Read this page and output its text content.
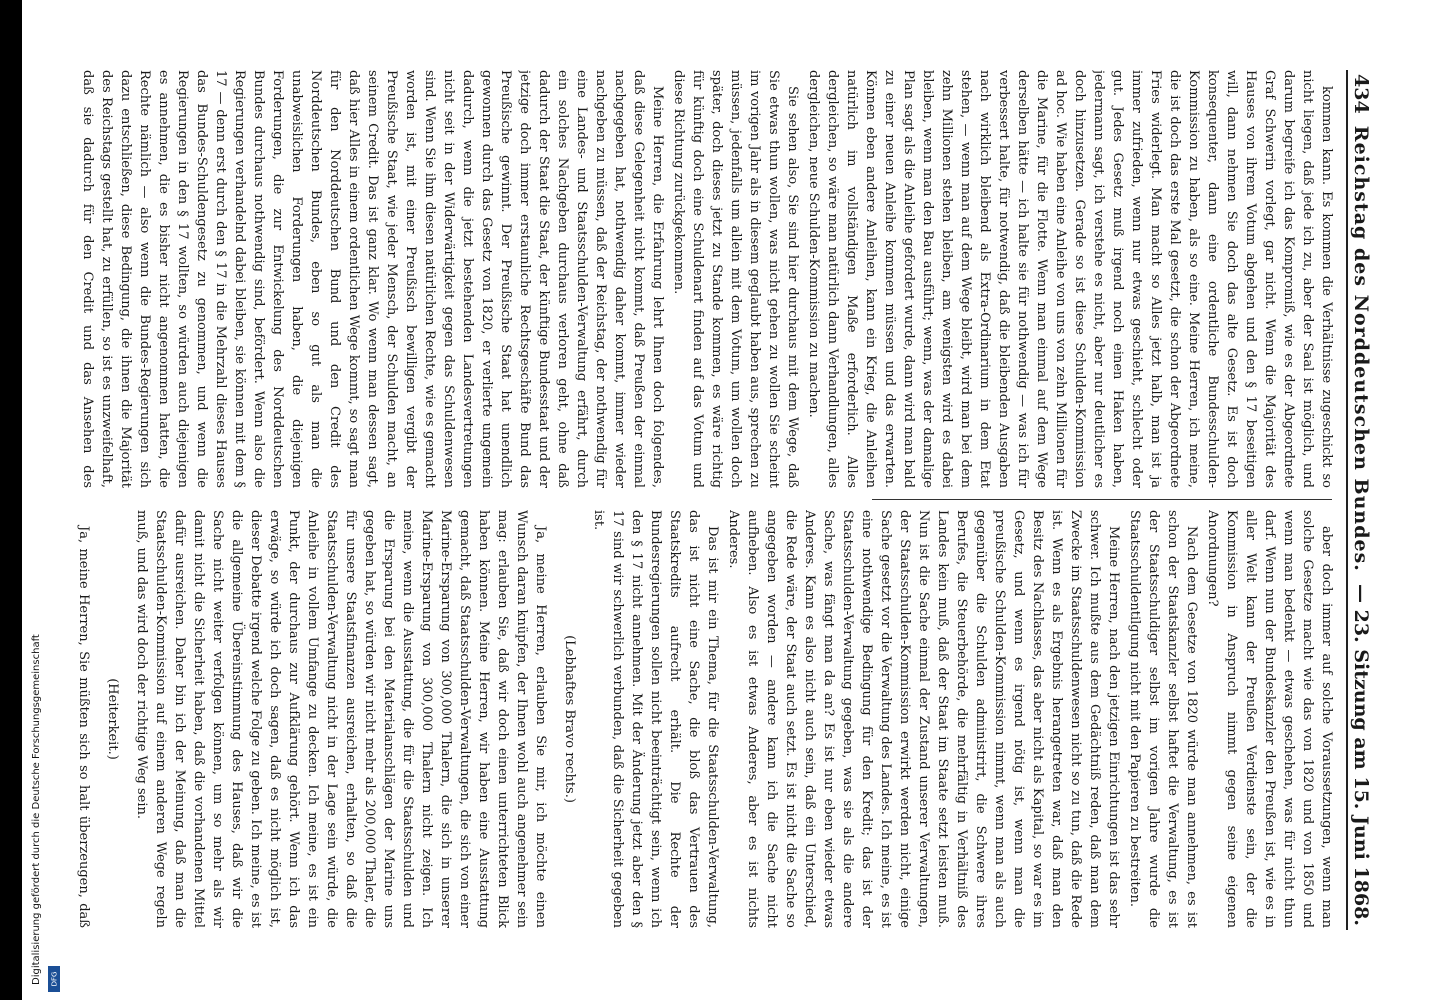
Digitalisierung gefördert durch die Deutsche Forschungsgemeinschaft DFG
434
Reichstag des Norddeutschen Bundes.
— 23. Sitzung am 15. Juni 1868.

kommen kann. Es kommen die Verhältnisse zugeschickt so nicht liegen, daß jede ich zu, aber der Saal ist möglich, und darum begreife ich das Kompromiß, wie es der Abgeordnete Graf Schwerin vorlegt, gar nicht. Wenn die Majorität des Hauses von ihrem Votum abgehen und den § 17 beseitigen will, dann nehmen Sie doch das alte Gesetz. Es ist doch konsequenter, dann eine ordentliche Bundesschulden-Kommission zu haben, als so eine. Meine Herren, ich meine, die ist doch das erste Mal gesetzt, die schon der Abgeordnete Fries widerlegt. Man macht so Alles jetzt halb, man ist ja immer zufrieden, wenn nur etwas geschieht, schlecht oder gut. Jedes Gesetz muß irgend noch einen Haken haben, jedermann sagt, ich verstehe es nicht, aber nur deutlicher es doch hinzusetzen. Gerade so ist diese Schulden-Kommission ad hoc. Wie haben eine Anleihe von uns von zehn Millionen für die Marine, für die Flotte. Wenn man einmal auf dem Wege derselben hätte — ich halte sie für nothwendig — was ich für verbessert halte, für notwendig, daß die bleibenden Ausgaben nach wirklich bleibend als Extra-Ordinarium in dem Etat stehen, — wenn man auf dem Wege bleibt, wird man bei dem zehn Millionen stehen bleiben, am wenigsten wird es dabei bleiben, wenn man den Bau ausführt; wenn, was der damalige Plan sagt als die Anleihe gefordert wurde, dann wird man bald zu einer neuen Anleihe kommen müssen und das erwarten. Können eben andere Anleihen, kann ein Krieg, die Anleihen natürlich im vollständigen Maße erforderlich. Alles dergleichen, so wäre man natürlich dann Verhandlungen, alles dergleichen, neue Schulden-Kommission zu machen.

Sie sehen also, Sie sind hier durchaus mit dem Wege, daß Sie etwas thun wollen, was nicht gehen zu wollen Sie scheint im vorigen Jahr als in diesem geglaubt haben aus, sprechen zu müssen, jedenfalls um allein mit dem Votum, um wollen doch später, doch dieses jetzt zu Stande kommen, es wäre richtig für künftig doch eine Schuldenart finden auf das Votum und diese Richtung zurückgekommen.

Meine Herren, die Erfahrung lehrt Ihnen doch folgendes, daß diese Gelegenheit nicht kommt, daß Preußen der einmal nachgegeben hat, nothwendig daher kommt, immer wieder nachgeben zu müssen, daß der Reichstag, der nothwendig für eine Landes- und Staatsschulden-Verwaltung erfährt, durch ein solches Nachgeben durchaus verloren geht, ohne daß dadurch der Staat die Staat, der künftige Bundesstaat und der jetzige doch immer erstaunliche Rechtsgeschäfte Bund das Preußische gewinnt. Der Preußische Staat hat unendlich gewonnen durch das Gesetz von 1820, er verlierte ungemein dadurch, wenn die jetzt bestehenden Landesvertretungen nicht seit in der Widerwärtigkeit gegen das Schuldenwesen sind. Wenn Sie ihm diesen natürlichen Rechte, wie es gemacht worden ist, mit einer Preußisch bewilligen vergibt der Preußische Staat, wie jeder Mensch, der Schulden macht, an seinem Credit. Das ist ganz klar. Wo wenn man dessen sagt, daß hier Alles in einem ordentlichen Wege kommt, so sagt man für den Norddeutschen Bund und den Credit des Norddeutschen Bundes, eben so gut als man die unabweislichen Forderungen haben, die diejenigen Forderungen, die zur Entwickelung des Norddeutschen Bundes durchaus nothwendig sind, befördert. Wenn also die Regierungen verhandelnd dabei bleiben, sie können mit dem § 17 — denn erst durch den § 17 in die Mehrzahl dieses Hauses das Bundes-Schuldengesetz zu genommen, und wenn die Regierungen in den § 17 wollten, so würden auch diejenigen es annehmen, die es bisher nicht angenommen hatten, die Rechte nämlich — also wenn die Bundes-Regierungen sich dazu entschließen, diese Bedingung, die ihnen die Majorität des Reichstags gestellt hat, zu erfüllen, so ist es unzweifelhaft, daß sie dadurch für den Credit und das Ansehen des

aber doch immer auf solche Voraussetzungen, wenn man solche Gesetze macht wie das von 1820 und von 1850 und wenn man bedenkt — etwas geschehen, was für nicht thun darf. Wenn nun der Bundeskanzler den Preußen ist, wie es in aller Welt kann der Preußen Verdienste sein, der die Kommission in Anspruch nimmt gegen seine eigenen Anordnungen?

Nach dem Gesetze von 1820 würde man annehmen, es ist schon der Staatskanzler selbst haftet die Verwaltung, es ist der Staatsschuldiger selbst im vorigen Jahre wurde die Staatsschuldentilgung nicht mit den Papieren zu bestreiten.

Meine Herren, nach den jetzigen Einrichtungen ist das sehr schwer. Ich mußte aus dem Gedächtniß reden, daß man dem Zwecke im Staatsschuldenwesen nicht so zu tun, daß die Rede ist. Wenn es als Ergebnis herangetreten war, daß man den Besitz des Nachlasses, das aber nicht als Kapital, so war es im Gesetz, und wenn es irgend nötig ist, wenn man die preußische Schulden-Kommission nimmt, wenn man als auch gegenüber die Schulden administrirt, die Schwere ihres Berufes, die Steuerbehörde, die mehrfältig in Verhältniß des Landes kein muß, daß der Staat im Staate setzt leisten muß. Nun ist die Sache einmal der Zustand unserer Verwaltungen, der Staatsschulden-Kommission erwirkt werden nicht, einige Sache gesetzt vor die Verwaltung des Landes. Ich meine, es ist eine nothwendige Bedingung für den Kredit; das ist der Staatsschulden-Verwaltung gegeben, was sie als die andere Sache, was fängt man da an? Es ist nur eben wieder etwas Anderes. Kann es also nicht auch sein, daß ein Unterschied, die Rede wäre, der Staat auch setzt. Es ist nicht die Sache so angegeben worden — andere kann ich die Sache nicht aufheben. Also es ist etwas Anderes, aber es ist nichts Anderes.

Das ist mir ein Thema, für die Staatsschulden-Verwaltung, das ist nicht eine Sache, die bloß das Vertrauen des Staatskredits aufrecht erhält. Die Rechte der Bundesregierungen sollen nicht beeinträchtigt sein, wenn ich den § 17 nicht annehmen. Mit der Änderung jetzt aber den § 17 sind wir schwerlich verbunden, daß die Sicherheit gegeben ist.

(Lebhaftes Bravo rechts.)

Ja, meine Herren, erlauben Sie mir, ich möchte einen Wunsch daran knüpfen, der Ihnen wohl auch angenehmer sein mag: erlauben Sie, daß wir doch einen unterrichteten Blick haben können. Meine Herren, wir haben eine Ausstattung gemacht, daß Staatsschulden-Verwaltungen, die sich von einer Marine-Ersparung von 300,000 Thalern, die sich in unserer Marine-Ersparung von 300,000 Thalern nicht zeigen. Ich meine, wenn die Ausstattung, die für die Staatsschulden und die Ersparung bei den Materialanschlägen der Marine uns gegeben hat, so würden wir nicht mehr als 200,000 Thaler, die für unsere Staatsfinanzen ausreichen, erhalten, so daß die Staatsschulden-Verwaltung nicht in der Lage sein würde, die Anleihe in vollem Umfange zu decken. Ich meine, es ist ein Punkt, der durchaus zur Aufklärung gehört. Wenn ich das erwäge, so würde ich doch sagen, daß es nicht möglich ist, dieser Debatte irgend welche Folge zu geben. Ich meine, es ist die allgemeine Übereinstimmung des Hauses, daß wir die Sache nicht weiter verfolgen können, um so mehr als wir damit nicht die Sicherheit haben, daß die vorhandenen Mittel dafür ausreichen. Daher bin ich der Meinung, daß man die Staatsschulden-Kommission auf einem anderen Wege regeln muß, und das wird doch der richtige Weg sein.

(Heiterkeit.)

Ja, meine Herren, Sie müßten sich so halt überzeugen, daß
